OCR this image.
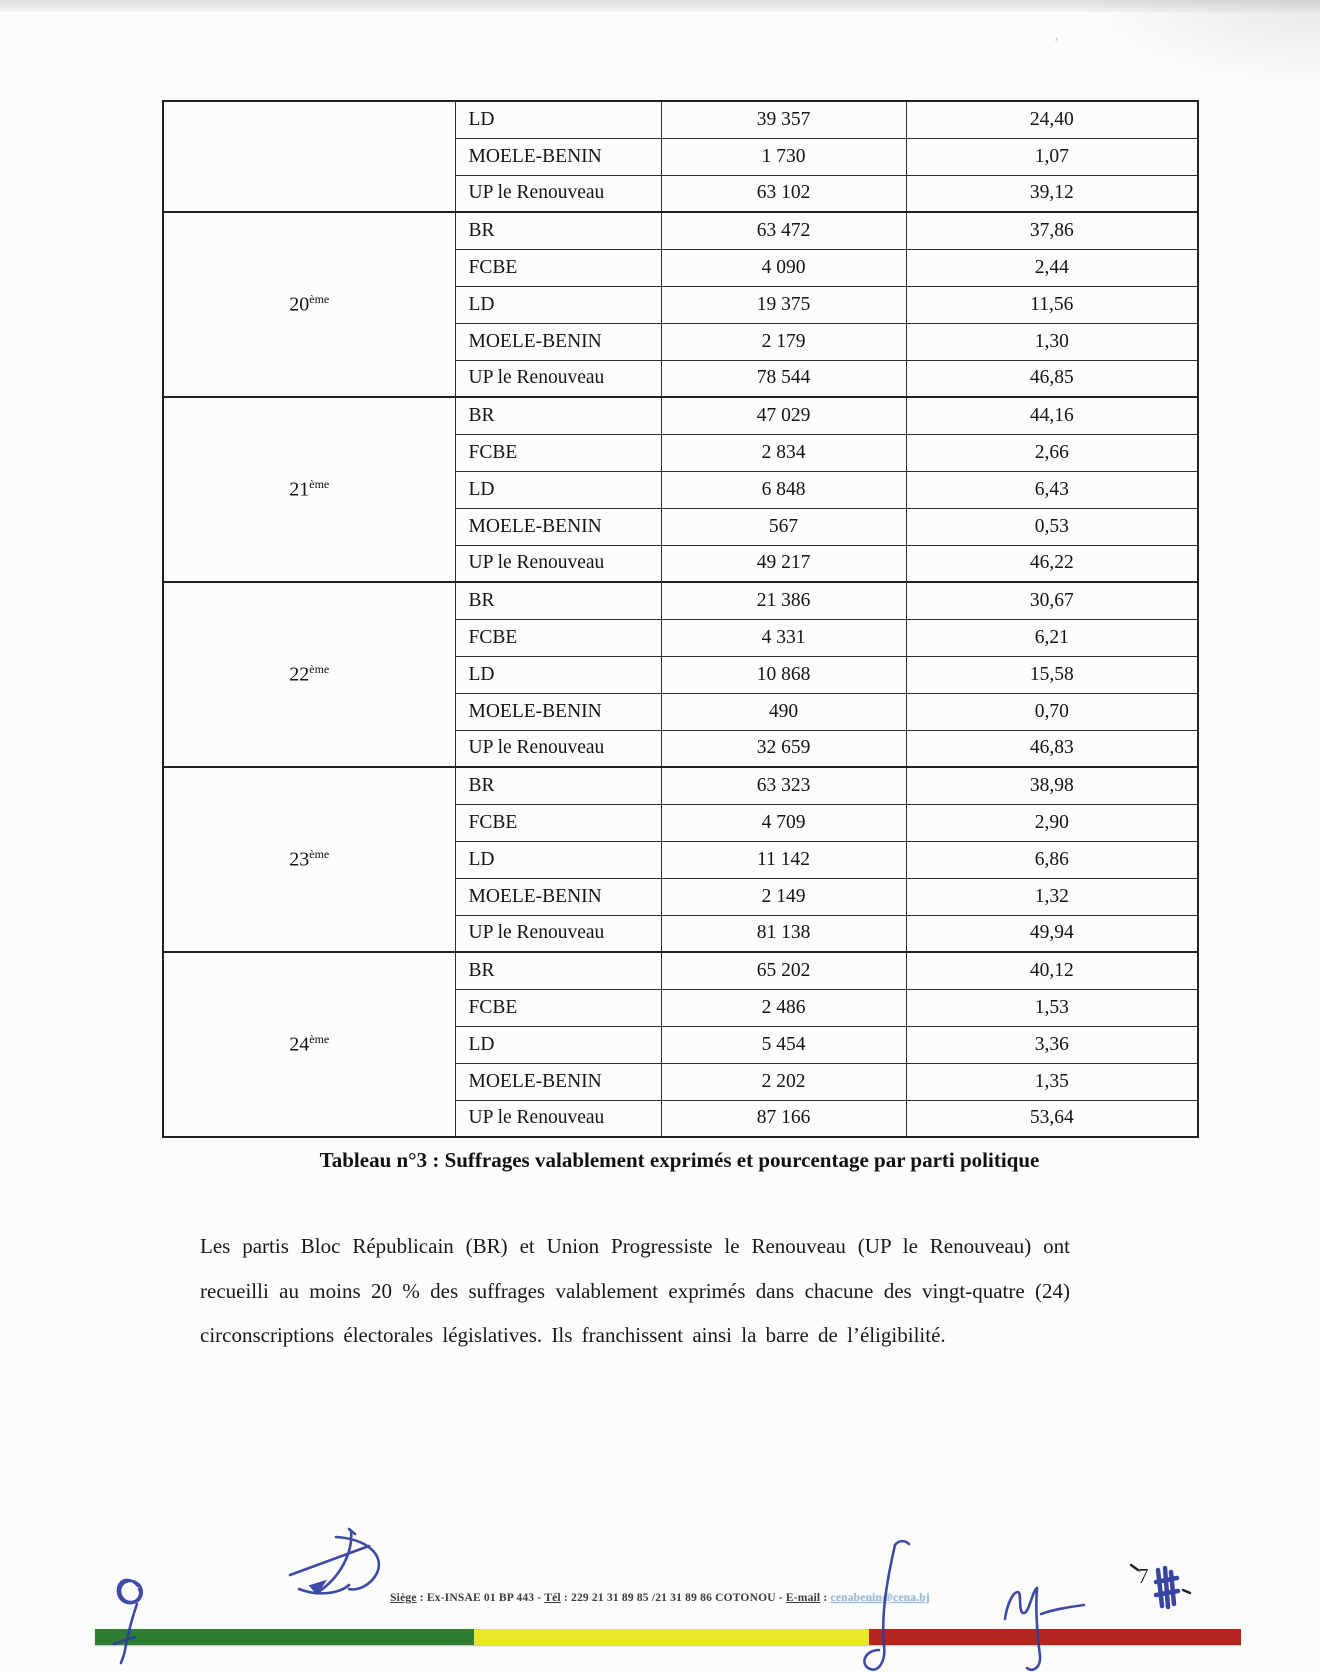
’
	LD	39 357	24,40
	MOELE-BENIN	1 730	1,07
	UP le Renouveau	63 102	39,12
20ème	BR	63 472	37,86
	FCBE	4 090	2,44
	LD	19 375	11,56
	MOELE-BENIN	2 179	1,30
	UP le Renouveau	78 544	46,85
21ème	BR	47 029	44,16
	FCBE	2 834	2,66
	LD	6 848	6,43
	MOELE-BENIN	567	0,53
	UP le Renouveau	49 217	46,22
22ème	BR	21 386	30,67
	FCBE	4 331	6,21
	LD	10 868	15,58
	MOELE-BENIN	490	0,70
	UP le Renouveau	32 659	46,83
23ème	BR	63 323	38,98
	FCBE	4 709	2,90
	LD	11 142	6,86
	MOELE-BENIN	2 149	1,32
	UP le Renouveau	81 138	49,94
24ème	BR	65 202	40,12
	FCBE	2 486	1,53
	LD	5 454	3,36
	MOELE-BENIN	2 202	1,35
	UP le Renouveau	87 166	53,64
Tableau n°3 : Suffrages valablement exprimés et pourcentage par parti politique
Les partis Bloc Républicain (BR) et Union Progressiste le Renouveau (UP le Renouveau) ont recueilli au moins 20 % des suffrages valablement exprimés dans chacune des vingt-quatre (24) circonscriptions électorales législatives. Ils franchissent ainsi la barre de l’éligibilité.
Siège : Ex-INSAE 01 BP 443 - Tél : 229 21 31 89 85 /21 31 89 86 COTONOU - E-mail : cenabenin@cena.bj
7
